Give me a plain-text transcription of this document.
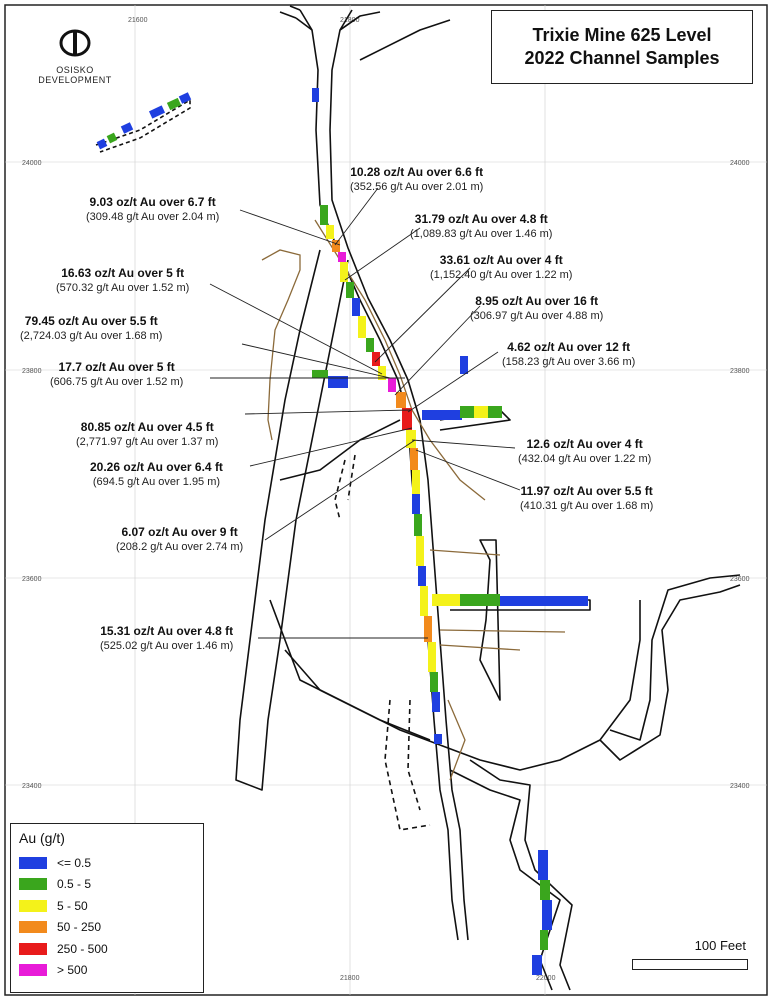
21600	21800
21800	22000
24000	24000
23800	23800
23600	23600
23400	23400
Trixie Mine 625 Level
2022 Channel Samples
OSISKO DEVELOPMENT
10.28 oz/t Au over 6.6 ft
(352.56 g/t Au over 2.01 m)
9.03 oz/t Au over 6.7 ft
(309.48 g/t Au over 2.04 m)	31.79 oz/t Au over 4.8 ft
(1,089.83 g/t Au over 1.46 m)
33.61 oz/t Au over 4 ft
(1,152.40 g/t Au over 1.22 m)
16.63 oz/t Au over 5 ft
(570.32 g/t Au over 1.52 m)
8.95 oz/t Au over 16 ft
(306.97 g/t Au over 4.88 m)
79.45 oz/t Au over 5.5 ft
(2,724.03 g/t Au over 1.68 m)
4.62 oz/t Au over 12 ft
(158.23 g/t Au over 3.66 m)
17.7 oz/t Au over 5 ft
(606.75 g/t Au over 1.52 m)
80.85 oz/t Au over 4.5 ft
(2,771.97 g/t Au over 1.37 m)	12.6 oz/t Au over 4 ft
(432.04 g/t Au over 1.22 m)
20.26 oz/t Au over 6.4 ft
(694.5 g/t Au over 1.95 m)
11.97 oz/t Au over 5.5 ft
(410.31 g/t Au over 1.68 m)
6.07 oz/t Au over 9 ft
(208.2 g/t Au over 2.74 m)
15.31 oz/t Au over 4.8 ft
(525.02 g/t Au over 1.46 m)
Au (g/t)
<= 0.5
0.5 - 5
5 - 50
50 - 250
250 - 500
> 500
100 Feet
